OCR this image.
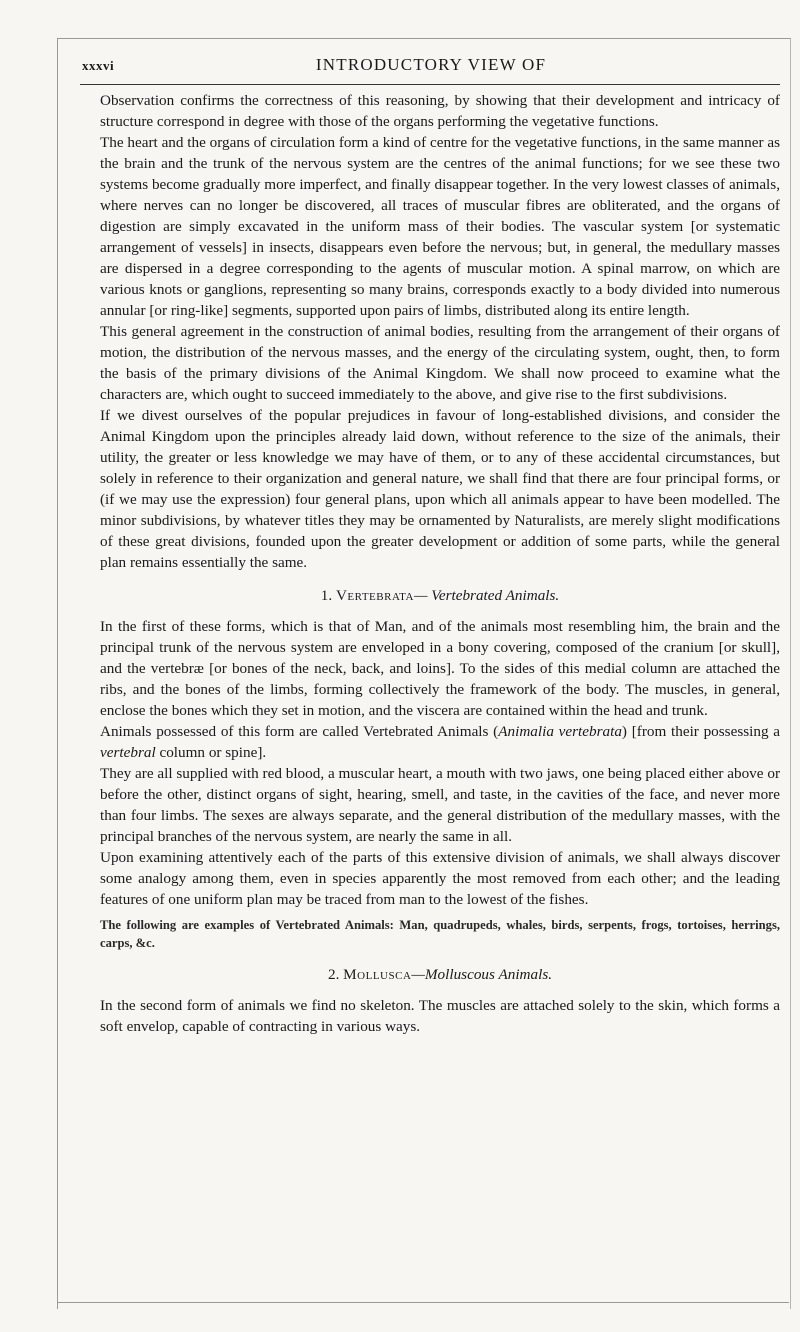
xxxvi	INTRODUCTORY VIEW OF

Observation confirms the correctness of this reasoning, by showing that their development and intricacy of structure correspond in degree with those of the organs performing the vegetative functions.

The heart and the organs of circulation form a kind of centre for the vegetative functions, in the same manner as the brain and the trunk of the nervous system are the centres of the animal functions; for we see these two systems become gradually more imperfect, and finally disappear together. In the very lowest classes of animals, where nerves can no longer be discovered, all traces of muscular fibres are obliterated, and the organs of digestion are simply excavated in the uniform mass of their bodies. The vascular system [or systematic arrangement of vessels] in insects, disappears even before the nervous; but, in general, the medullary masses are dispersed in a degree corresponding to the agents of muscular motion. A spinal marrow, on which are various knots or ganglions, representing so many brains, corresponds exactly to a body divided into numerous annular [or ring-like] segments, supported upon pairs of limbs, distributed along its entire length.

This general agreement in the construction of animal bodies, resulting from the arrangement of their organs of motion, the distribution of the nervous masses, and the energy of the circulating system, ought, then, to form the basis of the primary divisions of the Animal Kingdom. We shall now proceed to examine what the characters are, which ought to succeed immediately to the above, and give rise to the first subdivisions.

If we divest ourselves of the popular prejudices in favour of long-established divisions, and consider the Animal Kingdom upon the principles already laid down, without reference to the size of the animals, their utility, the greater or less knowledge we may have of them, or to any of these accidental circumstances, but solely in reference to their organization and general nature, we shall find that there are four principal forms, or (if we may use the expression) four general plans, upon which all animals appear to have been modelled. The minor subdivisions, by whatever titles they may be ornamented by Naturalists, are merely slight modifications of these great divisions, founded upon the greater development or addition of some parts, while the general plan remains essentially the same.

1. Vertebrata— Vertebrated Animals.

In the first of these forms, which is that of Man, and of the animals most resembling him, the brain and the principal trunk of the nervous system are enveloped in a bony covering, composed of the cranium [or skull], and the vertebræ [or bones of the neck, back, and loins]. To the sides of this medial column are attached the ribs, and the bones of the limbs, forming collectively the framework of the body. The muscles, in general, enclose the bones which they set in motion, and the viscera are contained within the head and trunk.

Animals possessed of this form are called Vertebrated Animals (Animalia vertebrata) [from their possessing a vertebral column or spine].

They are all supplied with red blood, a muscular heart, a mouth with two jaws, one being placed either above or before the other, distinct organs of sight, hearing, smell, and taste, in the cavities of the face, and never more than four limbs. The sexes are always separate, and the general distribution of the medullary masses, with the principal branches of the nervous system, are nearly the same in all.

Upon examining attentively each of the parts of this extensive division of animals, we shall always discover some analogy among them, even in species apparently the most removed from each other; and the leading features of one uniform plan may be traced from man to the lowest of the fishes.

The following are examples of Vertebrated Animals: Man, quadrupeds, whales, birds, serpents, frogs, tortoises, herrings, carps, &c.

2. Mollusca—Molluscous Animals.

In the second form of animals we find no skeleton. The muscles are attached solely to the skin, which forms a soft envelop, capable of contracting in various ways.
